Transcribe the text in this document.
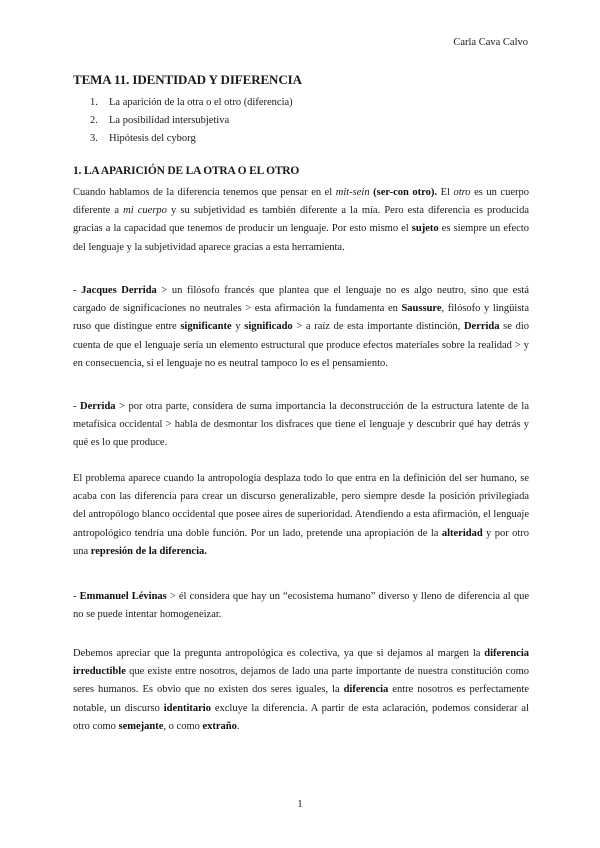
Carla Cava Calvo
TEMA 11. IDENTIDAD Y DIFERENCIA
1.	La aparición de la otra o el otro (diferencia)
2.	La posibilidad intersubjetiva
3.	Hipótesis del cyborg
1. LA APARICIÓN DE LA OTRA O EL OTRO

Cuando hablamos de la diferencia tenemos que pensar en el mit-sein (ser-con otro). El otro es un cuerpo diferente a mi cuerpo y su subjetividad es también diferente a la mía. Pero esta diferencia es producida gracias a la capacidad que tenemos de producir un lenguaje. Por esto mismo el sujeto es siempre un efecto del lenguaje y la subjetividad aparece gracias a esta herramienta.

- Jacques Derrida > un filósofo francés que plantea que el lenguaje no es algo neutro, sino que está cargado de significaciones no neutrales > esta afirmación la fundamenta en Saussure, filósofo y lingüista ruso que distingue entre significante y significado > a raíz de esta importante distinción, Derrida se dio cuenta de que el lenguaje sería un elemento estructural que produce efectos materiales sobre la realidad > y en consecuencia, si el lenguaje no es neutral tampoco lo es el pensamiento.

- Derrida > por otra parte, considera de suma importancia la deconstrucción de la estructura latente de la metafísica occidental > habla de desmontar los disfraces que tiene el lenguaje y descubrir qué hay detrás y qué es lo que produce.

El problema aparece cuando la antropología desplaza todo lo que entra en la definición del ser humano, se acaba con las diferencia para crear un discurso generalizable, pero siempre desde la posición privilegiada del antropólogo blanco occidental que posee aires de superioridad. Atendiendo a esta afirmación, el lenguaje antropológico tendría una doble función. Por un lado, pretende una apropiación de la alteridad y por otro una represión de la diferencia.

- Emmanuel Lévinas > él considera que hay un “ecosistema humano” diverso y lleno de diferencia al que no se puede intentar homogeneizar.

Debemos apreciar que la pregunta antropológica es colectiva, ya que si dejamos al margen la diferencia irreductible que existe entre nosotros, dejamos de lado una parte importante de nuestra constitución como seres humanos. Es obvio que no existen dos seres iguales, la diferencia entre nosotros es perfectamente notable, un discurso identitario excluye la diferencia. A partir de esta aclaración, podemos considerar al otro como semejante, o como extraño.

1
